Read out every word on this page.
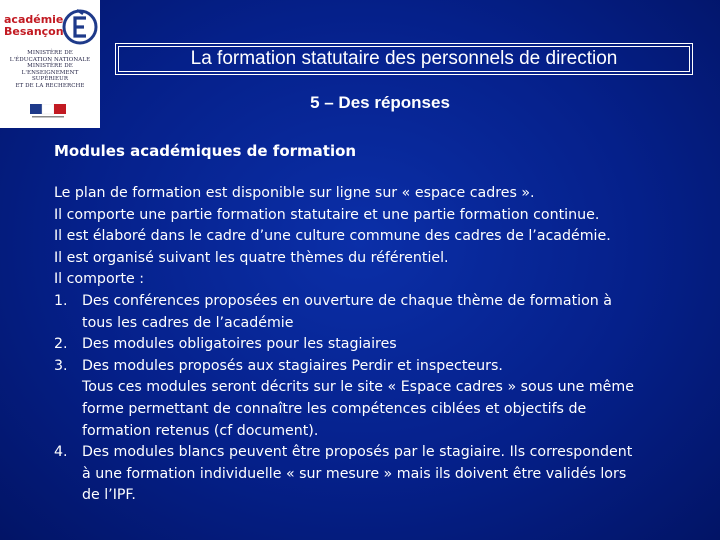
académie
Besançon
MINISTÈRE DE
L'ÉDUCATION NATIONALE
MINISTÈRE DE
L'ENSEIGNEMENT SUPÉRIEUR
ET DE LA RECHERCHE
La formation statutaire des personnels de direction
5 – Des réponses
Modules académiques de formation

Le plan de formation est disponible sur ligne sur « espace cadres ».

Il comporte une partie formation statutaire et une partie formation continue.

Il est élaboré dans le cadre d’une culture commune des cadres de l’académie.

Il est organisé suivant les quatre thèmes du référentiel.

Il comporte :

1. Des conférences proposées en ouverture de chaque thème de formation à
tous les cadres de l’académie
2. Des modules obligatoires pour les stagiaires
3. Des modules proposés aux stagiaires Perdir et inspecteurs.
Tous ces modules seront décrits sur le site « Espace cadres » sous une même
forme permettant de connaître les compétences ciblées et objectifs de
formation retenus (cf document).
4. Des modules blancs peuvent être proposés par le stagiaire. Ils correspondent
à une formation individuelle « sur mesure » mais ils doivent être validés lors
de l’IPF.
